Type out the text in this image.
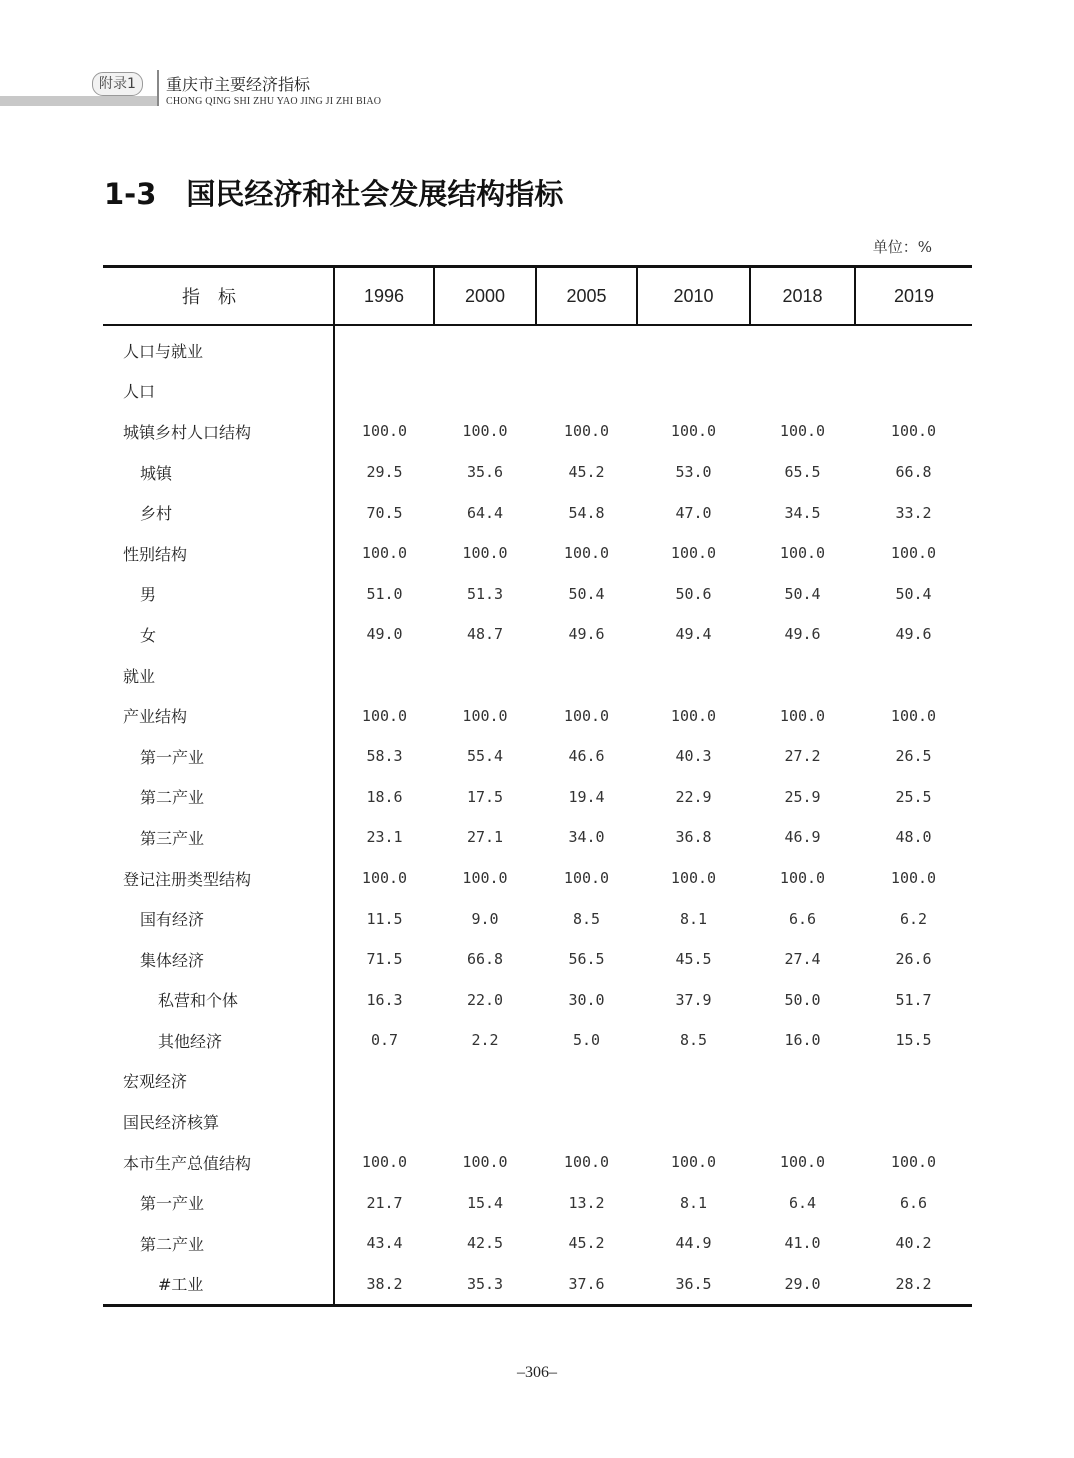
附录1	重庆市主要经济指标
CHONG QING SHI ZHU YAO JING JI ZHI BIAO
1-3 国民经济和社会发展结构指标
单位：%
指标	1996	2000	2005	2010	2018	2019
人口与就业						
人口						
城镇乡村人口结构	100.0	100.0	100.0	100.0	100.0	100.0
城镇	29.5	35.6	45.2	53.0	65.5	66.8
乡村	70.5	64.4	54.8	47.0	34.5	33.2
性别结构	100.0	100.0	100.0	100.0	100.0	100.0
男	51.0	51.3	50.4	50.6	50.4	50.4
女	49.0	48.7	49.6	49.4	49.6	49.6
就业						
产业结构	100.0	100.0	100.0	100.0	100.0	100.0
第一产业	58.3	55.4	46.6	40.3	27.2	26.5
第二产业	18.6	17.5	19.4	22.9	25.9	25.5
第三产业	23.1	27.1	34.0	36.8	46.9	48.0
登记注册类型结构	100.0	100.0	100.0	100.0	100.0	100.0
国有经济	11.5	9.0	8.5	8.1	6.6	6.2
集体经济	71.5	66.8	56.5	45.5	27.4	26.6
私营和个体	16.3	22.0	30.0	37.9	50.0	51.7
其他经济	0.7	2.2	5.0	8.5	16.0	15.5
宏观经济						
国民经济核算						
本市生产总值结构	100.0	100.0	100.0	100.0	100.0	100.0
第一产业	21.7	15.4	13.2	8.1	6.4	6.6
第二产业	43.4	42.5	45.2	44.9	41.0	40.2
#工业	38.2	35.3	37.6	36.5	29.0	28.2
–306–
